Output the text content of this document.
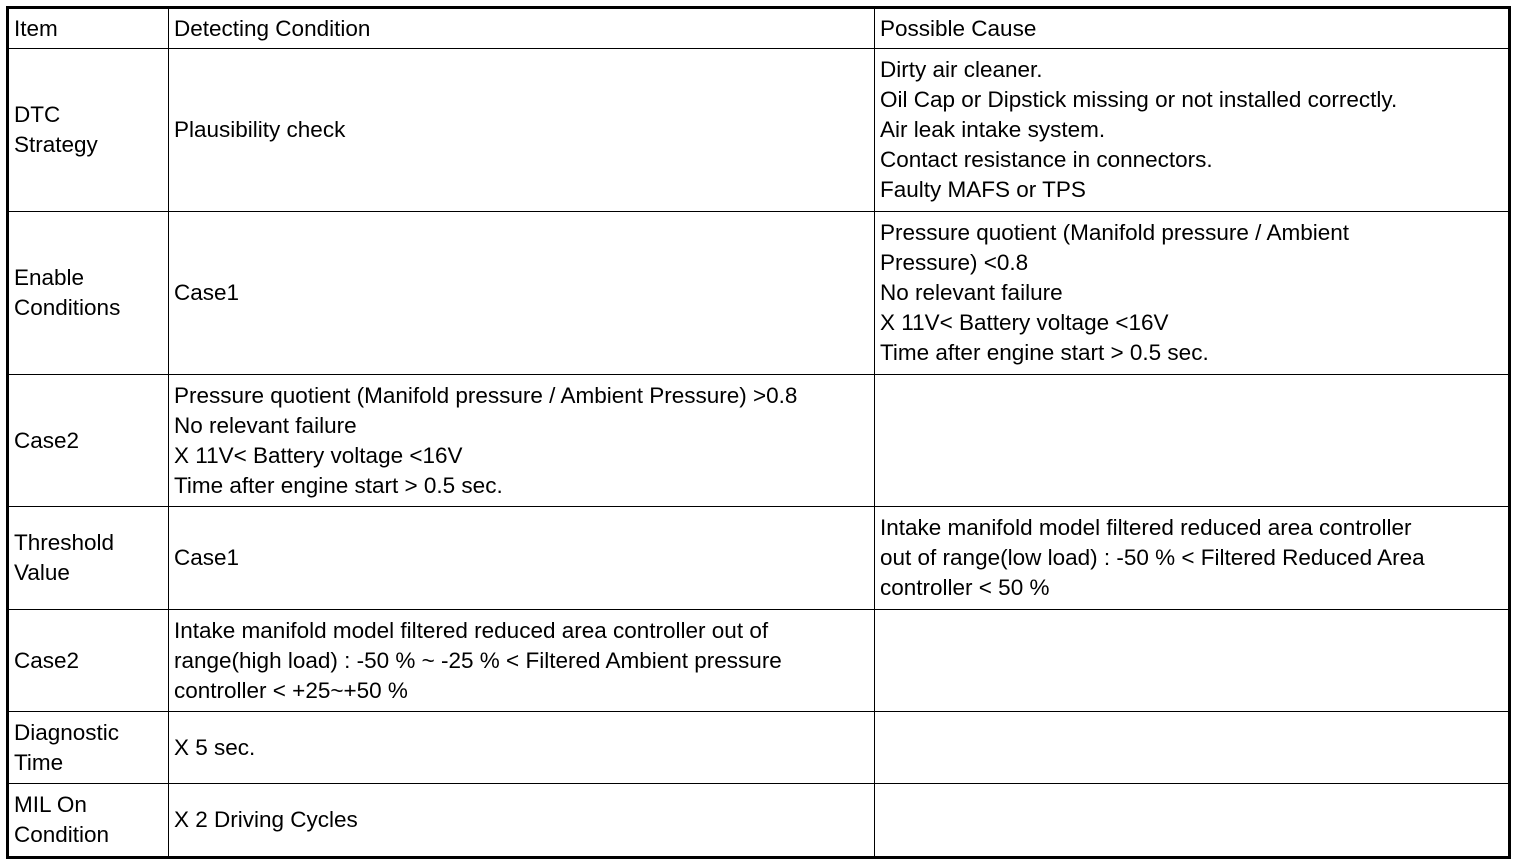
Item	Detecting Condition	Possible Cause

DTC
Strategy	Plausibility check	Dirty air cleaner.
Oil Cap or Dipstick missing or not installed correctly.
Air leak intake system.
Contact resistance in connectors.
Faulty MAFS or TPS

Enable
Conditions	Case1	Pressure quotient (Manifold pressure / Ambient
Pressure) <0.8
No relevant failure
X 11V< Battery voltage <16V
Time after engine start > 0.5 sec.

Case2	Pressure quotient (Manifold pressure / Ambient Pressure) >0.8
No relevant failure
X 11V< Battery voltage <16V
Time after engine start > 0.5 sec.	

Threshold
Value	Case1	Intake manifold model filtered reduced area controller
out of range(low load) : -50 % < Filtered Reduced Area
controller < 50 %

Case2	Intake manifold model filtered reduced area controller out of
range(high load) : -50 % ~ -25 % < Filtered Ambient pressure
controller < +25~+50 %	

Diagnostic
Time	X 5 sec.	

MIL On
Condition	X 2 Driving Cycles	
